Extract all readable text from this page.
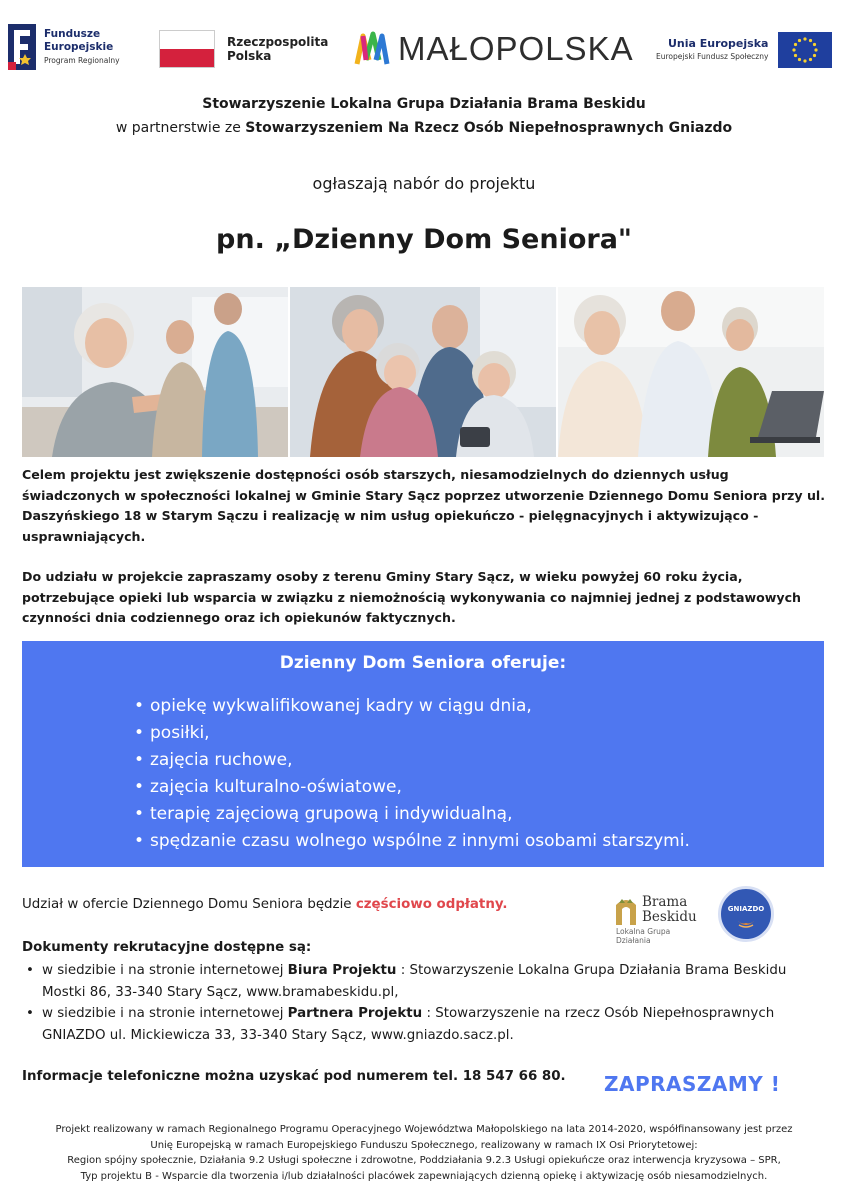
Fundusze Europejskie
Program Regionalny
Rzeczpospolita Polska	MAŁOPOLSKA	Unia Europejska
Europejski Fundusz Społeczny
Stowarzyszenie Lokalna Grupa Działania Brama Beskidu
w partnerstwie ze Stowarzyszeniem Na Rzecz Osób Niepełnosprawnych Gniazdo
ogłaszają nabór do projektu
pn. „Dzienny Dom Seniora"
Celem projektu jest zwiększenie dostępności osób starszych, niesamodzielnych do dziennych usług świadczonych w społeczności lokalnej w Gminie Stary Sącz poprzez utworzenie Dziennego Domu Seniora przy ul. Daszyńskiego 18 w Starym Sączu i realizację w nim usług opiekuńczo - pielęgnacyjnych i aktywizująco - usprawniających.
Do udziału w projekcie zapraszamy osoby z terenu Gminy Stary Sącz, w wieku powyżej 60 roku życia, potrzebujące opieki lub wsparcia w związku z niemożnością wykonywania co najmniej jednej z podstawowych czynności dnia codziennego oraz ich opiekunów faktycznych.
Dzienny Dom Seniora oferuje:
• opiekę wykwalifikowanej kadry w ciągu dnia,
• posiłki,
• zajęcia ruchowe,
• zajęcia kulturalno-oświatowe,
• terapię zajęciową grupową i indywidualną,
• spędzanie czasu wolnego wspólne z innymi osobami starszymi.
Udział w ofercie Dziennego Domu Seniora będzie częściowo odpłatny.	Brama
Beskidu
Lokalna Grupa Działania
GNIAZDO
Dokumenty rekrutacyjne dostępne są:
• w siedzibie i na stronie internetowej Biura Projektu : Stowarzyszenie Lokalna Grupa Działania Brama Beskidu Mostki 86, 33-340 Stary Sącz, www.bramabeskidu.pl,
• w siedzibie i na stronie internetowej Partnera Projektu : Stowarzyszenie na rzecz Osób Niepełnosprawnych GNIAZDO ul. Mickiewicza 33, 33-340 Stary Sącz, www.gniazdo.sacz.pl.
Informacje telefoniczne można uzyskać pod numerem tel. 18 547 66 80. ZAPRASZAMY !
Projekt realizowany w ramach Regionalnego Programu Operacyjnego Województwa Małopolskiego na lata 2014-2020, współfinansowany jest przez
Unię Europejską w ramach Europejskiego Funduszu Społecznego, realizowany w ramach IX Osi Priorytetowej:
Region spójny społecznie, Działania 9.2 Usługi społeczne i zdrowotne, Poddziałania 9.2.3 Usługi opiekuńcze oraz interwencja kryzysowa – SPR,
Typ projektu B - Wsparcie dla tworzenia i/lub działalności placówek zapewniających dzienną opiekę i aktywizację osób niesamodzielnych.
